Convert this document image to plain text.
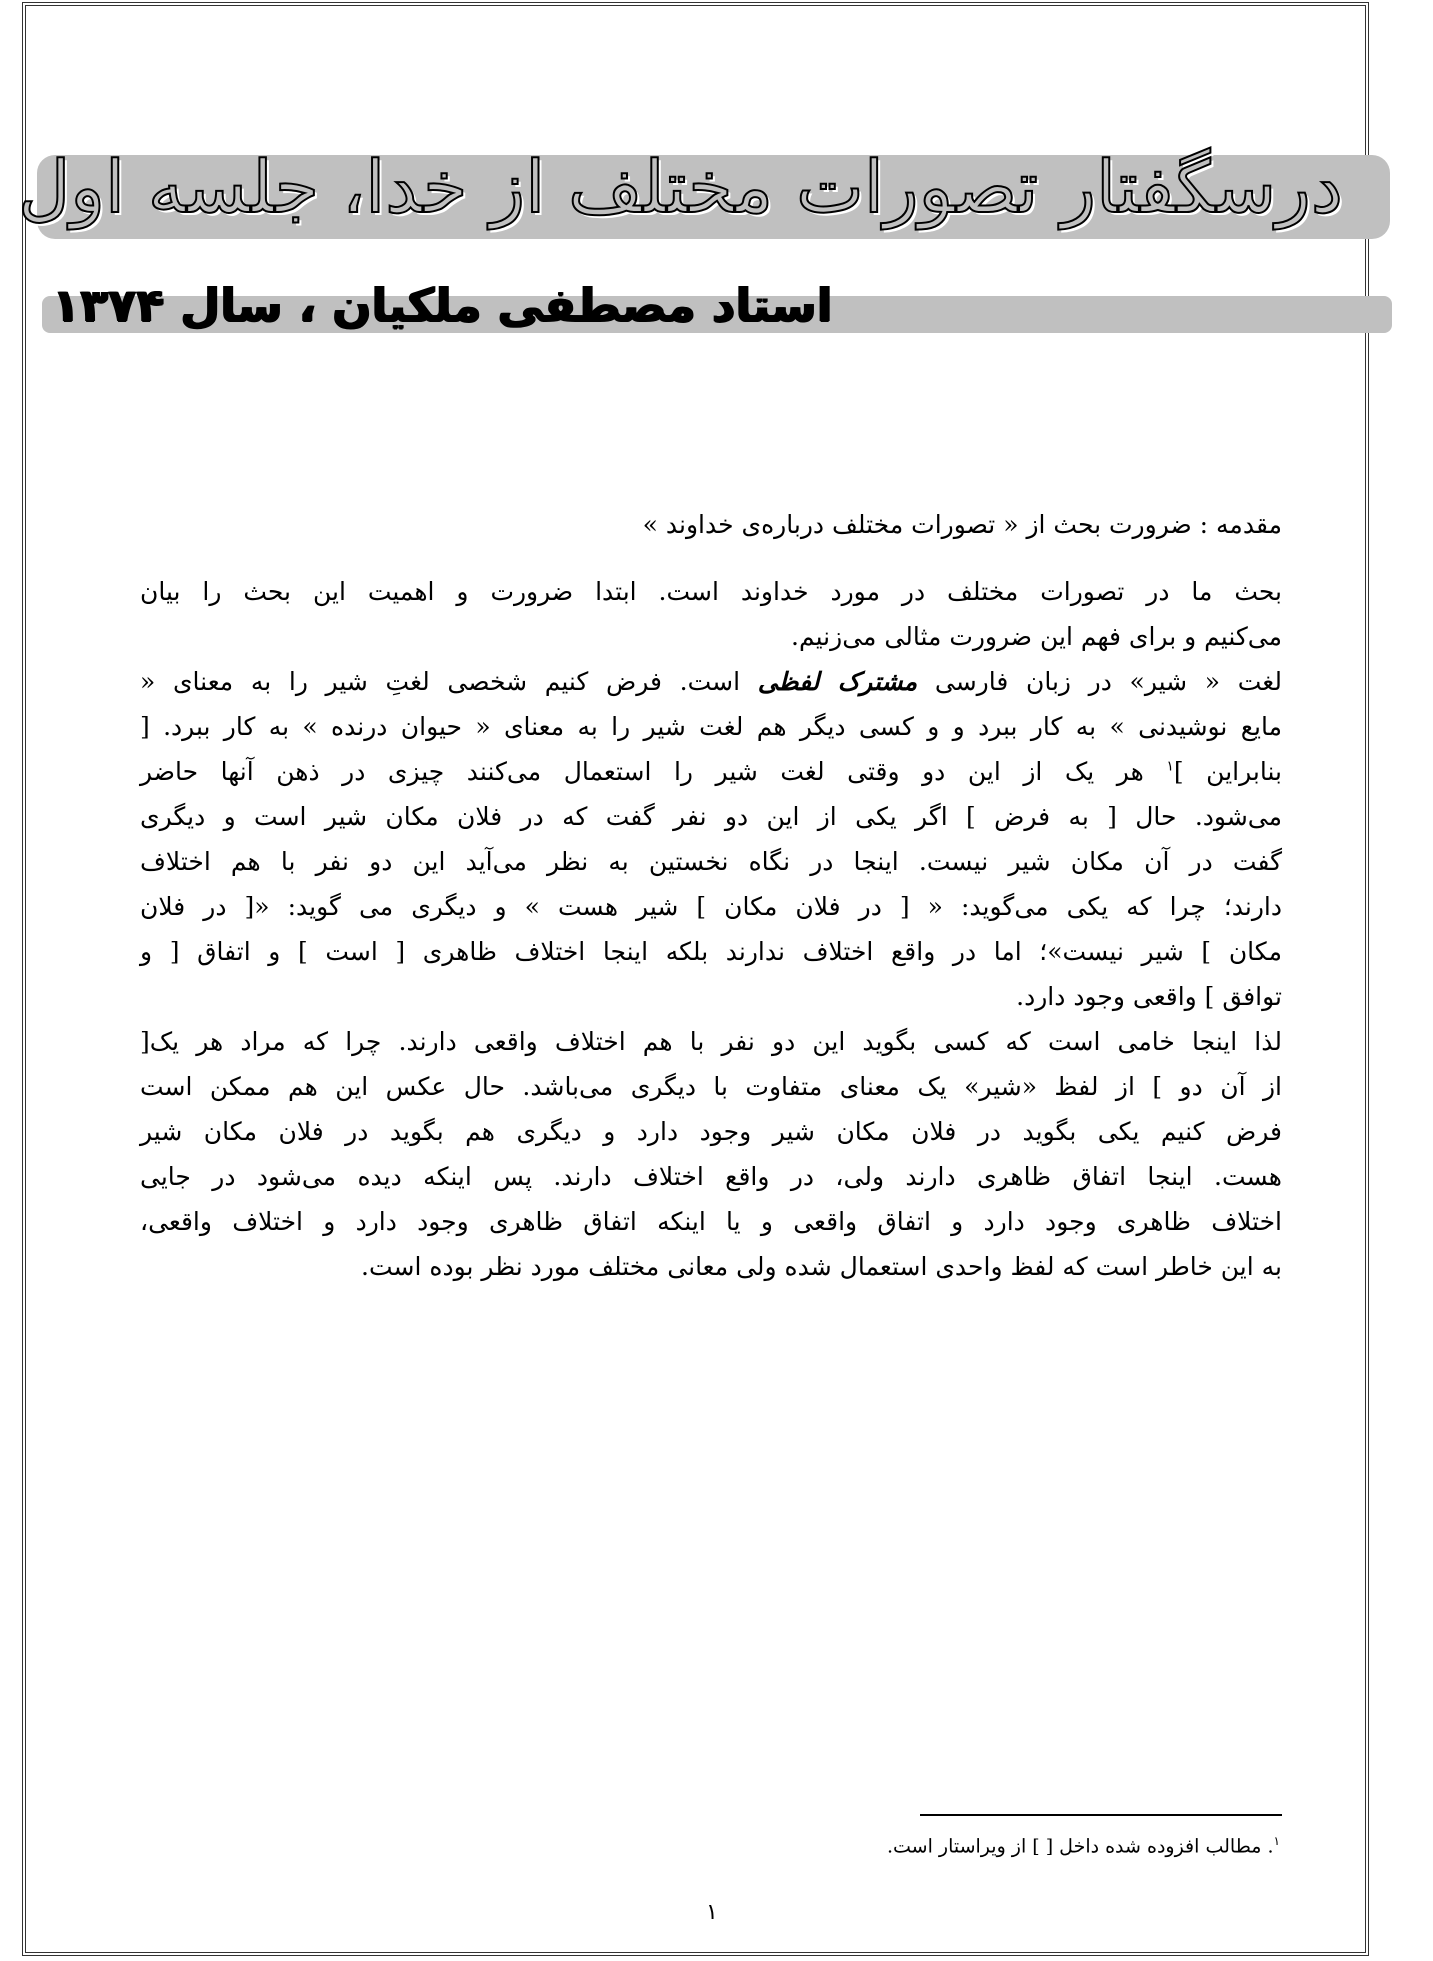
درسگفتار تصورات مختلف از خدا، جلسه اول
استاد مصطفی ملکیان ، سال ۱۳۷۴

مقدمه : ضرورت بحث از « تصورات مختلف درباره‌ی خداوند »

بحث ما در تصورات مختلف در مورد خداوند است. ابتدا ضرورت و اهمیت این بحث را بیان
می‌کنیم و برای فهم این ضرورت مثالی می‌زنیم.

لغت « شیر» در زبان فارسی مشترک لفظی است. فرض کنیم شخصی لغتِ شیر را به معنای «
مایع نوشیدنی » به کار ببرد و و کسی دیگر هم لغت شیر را به معنای « حیوان درنده » به کار ببرد. [
بنابراین ]$^۱$ هر یک از این دو وقتی لغت شیر را استعمال می‌کنند چیزی در ذهن آنها حاضر
می‌شود. حال [ به فرض ] اگر یکی از این دو نفر گفت که در فلان مکان شیر است و دیگری
گفت در آن مکان شیر نیست. اینجا در نگاه نخستین به نظر می‌آید این دو نفر با هم اختلاف
دارند؛ چرا که یکی می‌گوید: « [ در فلان مکان ] شیر هست » و دیگری می گوید: «[ در فلان
مکان ] شیر نیست»؛ اما در واقع اختلاف ندارند بلکه اینجا اختلاف ظاهری [ است ] و اتفاق [ و
توافق ] واقعی وجود دارد.

لذا اینجا خامی است که کسی بگوید این دو نفر با هم اختلاف واقعی دارند. چرا که مراد هر یک[
از آن دو ] از لفظ «شیر» یک معنای متفاوت با دیگری می‌باشد. حال عکس این هم ممکن است
فرض کنیم یکی بگوید در فلان مکان شیر وجود دارد و دیگری هم بگوید در فلان مکان شیر
هست. اینجا اتفاق ظاهری دارند ولی، در واقع اختلاف دارند. پس اینکه دیده می‌شود در جایی
اختلاف ظاهری وجود دارد و اتفاق واقعی و یا اینکه اتفاق ظاهری وجود دارد و اختلاف واقعی،
به این خاطر است که لفظ واحدی استعمال شده ولی معانی مختلف مورد نظر بوده است.

$^۱$. مطالب افزوده شده داخل [ ] از ویراستار است.
۱
